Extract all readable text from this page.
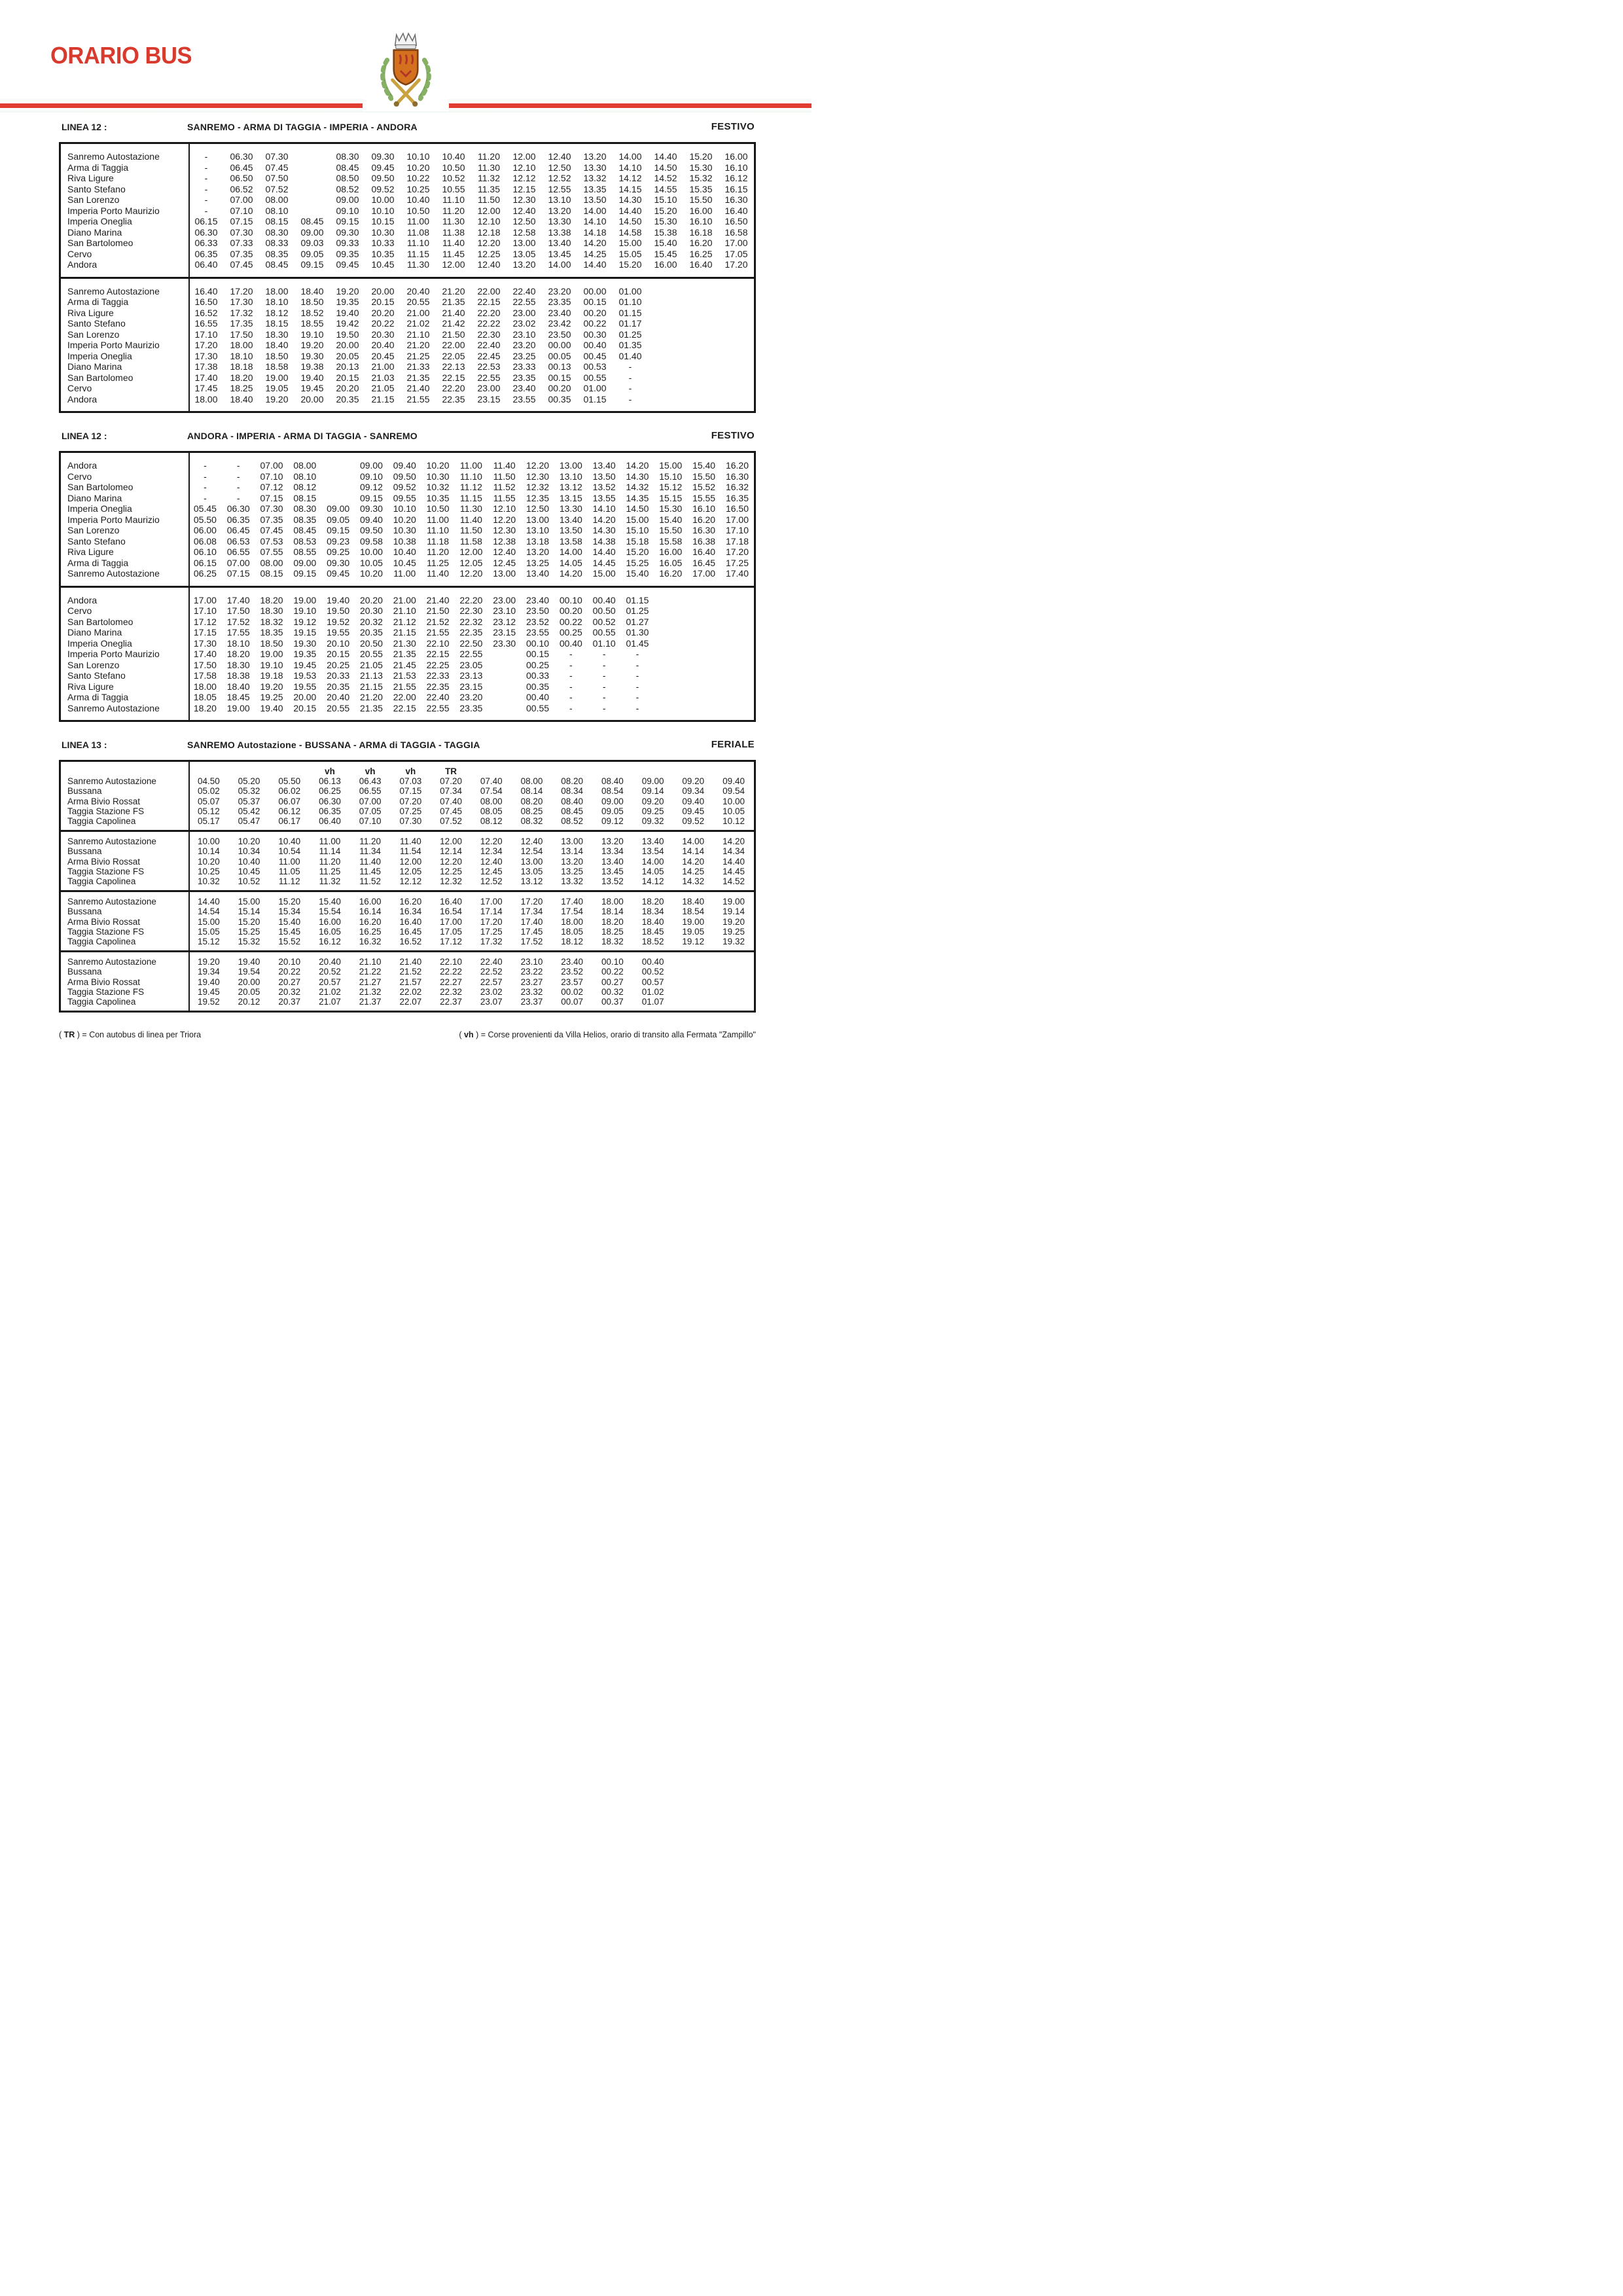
ORARIO BUS
LINEA 12 :	SANREMO - ARMA DI TAGGIA - IMPERIA - ANDORA	FESTIVO
Sanremo Autostazione	-	06.30	07.30		08.30	09.30	10.10	10.40	11.20	12.00	12.40	13.20	14.00	14.40	15.20	16.00
Arma di Taggia	-	06.45	07.45		08.45	09.45	10.20	10.50	11.30	12.10	12.50	13.30	14.10	14.50	15.30	16.10
Riva Ligure	-	06.50	07.50		08.50	09.50	10.22	10.52	11.32	12.12	12.52	13.32	14.12	14.52	15.32	16.12
Santo Stefano	-	06.52	07.52		08.52	09.52	10.25	10.55	11.35	12.15	12.55	13.35	14.15	14.55	15.35	16.15
San Lorenzo	-	07.00	08.00		09.00	10.00	10.40	11.10	11.50	12.30	13.10	13.50	14.30	15.10	15.50	16.30
Imperia Porto Maurizio	-	07.10	08.10		09.10	10.10	10.50	11.20	12.00	12.40	13.20	14.00	14.40	15.20	16.00	16.40
Imperia Oneglia	06.15	07.15	08.15	08.45	09.15	10.15	11.00	11.30	12.10	12.50	13.30	14.10	14.50	15.30	16.10	16.50
Diano Marina	06.30	07.30	08.30	09.00	09.30	10.30	11.08	11.38	12.18	12.58	13.38	14.18	14.58	15.38	16.18	16.58
San Bartolomeo	06.33	07.33	08.33	09.03	09.33	10.33	11.10	11.40	12.20	13.00	13.40	14.20	15.00	15.40	16.20	17.00
Cervo	06.35	07.35	08.35	09.05	09.35	10.35	11.15	11.45	12.25	13.05	13.45	14.25	15.05	15.45	16.25	17.05
Andora	06.40	07.45	08.45	09.15	09.45	10.45	11.30	12.00	12.40	13.20	14.00	14.40	15.20	16.00	16.40	17.20
Sanremo Autostazione	16.40	17.20	18.00	18.40	19.20	20.00	20.40	21.20	22.00	22.40	23.20	00.00	01.00			
Arma di Taggia	16.50	17.30	18.10	18.50	19.35	20.15	20.55	21.35	22.15	22.55	23.35	00.15	01.10			
Riva Ligure	16.52	17.32	18.12	18.52	19.40	20.20	21.00	21.40	22.20	23.00	23.40	00.20	01.15			
Santo Stefano	16.55	17.35	18.15	18.55	19.42	20.22	21.02	21.42	22.22	23.02	23.42	00.22	01.17			
San Lorenzo	17.10	17.50	18.30	19.10	19.50	20.30	21.10	21.50	22.30	23.10	23.50	00.30	01.25			
Imperia Porto Maurizio	17.20	18.00	18.40	19.20	20.00	20.40	21.20	22.00	22.40	23.20	00.00	00.40	01.35			
Imperia Oneglia	17.30	18.10	18.50	19.30	20.05	20.45	21.25	22.05	22.45	23.25	00.05	00.45	01.40			
Diano Marina	17.38	18.18	18.58	19.38	20.13	21.00	21.33	22.13	22.53	23.33	00.13	00.53	-			
San Bartolomeo	17.40	18.20	19.00	19.40	20.15	21.03	21.35	22.15	22.55	23.35	00.15	00.55	-			
Cervo	17.45	18.25	19.05	19.45	20.20	21.05	21.40	22.20	23.00	23.40	00.20	01.00	-			
Andora	18.00	18.40	19.20	20.00	20.35	21.15	21.55	22.35	23.15	23.55	00.35	01.15	-			
LINEA 12 :	ANDORA - IMPERIA - ARMA DI TAGGIA - SANREMO	FESTIVO
Andora	-	-	07.00	08.00		09.00	09.40	10.20	11.00	11.40	12.20	13.00	13.40	14.20	15.00	15.40	16.20
Cervo	-	-	07.10	08.10		09.10	09.50	10.30	11.10	11.50	12.30	13.10	13.50	14.30	15.10	15.50	16.30
San Bartolomeo	-	-	07.12	08.12		09.12	09.52	10.32	11.12	11.52	12.32	13.12	13.52	14.32	15.12	15.52	16.32
Diano Marina	-	-	07.15	08.15		09.15	09.55	10.35	11.15	11.55	12.35	13.15	13.55	14.35	15.15	15.55	16.35
Imperia Oneglia	05.45	06.30	07.30	08.30	09.00	09.30	10.10	10.50	11.30	12.10	12.50	13.30	14.10	14.50	15.30	16.10	16.50
Imperia Porto Maurizio	05.50	06.35	07.35	08.35	09.05	09.40	10.20	11.00	11.40	12.20	13.00	13.40	14.20	15.00	15.40	16.20	17.00
San Lorenzo	06.00	06.45	07.45	08.45	09.15	09.50	10.30	11.10	11.50	12.30	13.10	13.50	14.30	15.10	15.50	16.30	17.10
Santo Stefano	06.08	06.53	07.53	08.53	09.23	09.58	10.38	11.18	11.58	12.38	13.18	13.58	14.38	15.18	15.58	16.38	17.18
Riva Ligure	06.10	06.55	07.55	08.55	09.25	10.00	10.40	11.20	12.00	12.40	13.20	14.00	14.40	15.20	16.00	16.40	17.20
Arma di Taggia	06.15	07.00	08.00	09.00	09.30	10.05	10.45	11.25	12.05	12.45	13.25	14.05	14.45	15.25	16.05	16.45	17.25
Sanremo Autostazione	06.25	07.15	08.15	09.15	09.45	10.20	11.00	11.40	12.20	13.00	13.40	14.20	15.00	15.40	16.20	17.00	17.40
Andora	17.00	17.40	18.20	19.00	19.40	20.20	21.00	21.40	22.20	23.00	23.40	00.10	00.40	01.15			
Cervo	17.10	17.50	18.30	19.10	19.50	20.30	21.10	21.50	22.30	23.10	23.50	00.20	00.50	01.25			
San Bartolomeo	17.12	17.52	18.32	19.12	19.52	20.32	21.12	21.52	22.32	23.12	23.52	00.22	00.52	01.27			
Diano Marina	17.15	17.55	18.35	19.15	19.55	20.35	21.15	21.55	22.35	23.15	23.55	00.25	00.55	01.30			
Imperia Oneglia	17.30	18.10	18.50	19.30	20.10	20.50	21.30	22.10	22.50	23.30	00.10	00.40	01.10	01.45			
Imperia Porto Maurizio	17.40	18.20	19.00	19.35	20.15	20.55	21.35	22.15	22.55		00.15	-	-	-			
San Lorenzo	17.50	18.30	19.10	19.45	20.25	21.05	21.45	22.25	23.05		00.25	-	-	-			
Santo Stefano	17.58	18.38	19.18	19.53	20.33	21.13	21.53	22.33	23.13		00.33	-	-	-			
Riva Ligure	18.00	18.40	19.20	19.55	20.35	21.15	21.55	22.35	23.15		00.35	-	-	-			
Arma di Taggia	18.05	18.45	19.25	20.00	20.40	21.20	22.00	22.40	23.20		00.40	-	-	-			
Sanremo Autostazione	18.20	19.00	19.40	20.15	20.55	21.35	22.15	22.55	23.35		00.55	-	-	-			
LINEA 13 :	SANREMO Autostazione - BUSSANA - ARMA di TAGGIA - TAGGIA	FERIALE
				vh	vh	vh	TR							
Sanremo Autostazione	04.50	05.20	05.50	06.13	06.43	07.03	07.20	07.40	08.00	08.20	08.40	09.00	09.20	09.40
Bussana	05.02	05.32	06.02	06.25	06.55	07.15	07.34	07.54	08.14	08.34	08.54	09.14	09.34	09.54
Arma Bivio Rossat	05.07	05.37	06.07	06.30	07.00	07.20	07.40	08.00	08.20	08.40	09.00	09.20	09.40	10.00
Taggia Stazione FS	05.12	05.42	06.12	06.35	07.05	07.25	07.45	08.05	08.25	08.45	09.05	09.25	09.45	10.05
Taggia Capolinea	05.17	05.47	06.17	06.40	07.10	07.30	07.52	08.12	08.32	08.52	09.12	09.32	09.52	10.12
Sanremo Autostazione	10.00	10.20	10.40	11.00	11.20	11.40	12.00	12.20	12.40	13.00	13.20	13.40	14.00	14.20
Bussana	10.14	10.34	10.54	11.14	11.34	11.54	12.14	12.34	12.54	13.14	13.34	13.54	14.14	14.34
Arma Bivio Rossat	10.20	10.40	11.00	11.20	11.40	12.00	12.20	12.40	13.00	13.20	13.40	14.00	14.20	14.40
Taggia Stazione FS	10.25	10.45	11.05	11.25	11.45	12.05	12.25	12.45	13.05	13.25	13.45	14.05	14.25	14.45
Taggia Capolinea	10.32	10.52	11.12	11.32	11.52	12.12	12.32	12.52	13.12	13.32	13.52	14.12	14.32	14.52
Sanremo Autostazione	14.40	15.00	15.20	15.40	16.00	16.20	16.40	17.00	17.20	17.40	18.00	18.20	18.40	19.00
Bussana	14.54	15.14	15.34	15.54	16.14	16.34	16.54	17.14	17.34	17.54	18.14	18.34	18.54	19.14
Arma Bivio Rossat	15.00	15.20	15.40	16.00	16.20	16.40	17.00	17.20	17.40	18.00	18.20	18.40	19.00	19.20
Taggia Stazione FS	15.05	15.25	15.45	16.05	16.25	16.45	17.05	17.25	17.45	18.05	18.25	18.45	19.05	19.25
Taggia Capolinea	15.12	15.32	15.52	16.12	16.32	16.52	17.12	17.32	17.52	18.12	18.32	18.52	19.12	19.32
Sanremo Autostazione	19.20	19.40	20.10	20.40	21.10	21.40	22.10	22.40	23.10	23.40	00.10	00.40		
Bussana	19.34	19.54	20.22	20.52	21.22	21.52	22.22	22.52	23.22	23.52	00.22	00.52		
Arma Bivio Rossat	19.40	20.00	20.27	20.57	21.27	21.57	22.27	22.57	23.27	23.57	00.27	00.57		
Taggia Stazione FS	19.45	20.05	20.32	21.02	21.32	22.02	22.32	23.02	23.32	00.02	00.32	01.02		
Taggia Capolinea	19.52	20.12	20.37	21.07	21.37	22.07	22.37	23.07	23.37	00.07	00.37	01.07		
( TR ) = Con autobus di linea per Triora	( vh ) = Corse provenienti da Villa Helios, orario di transito alla Fermata "Zampillo"
